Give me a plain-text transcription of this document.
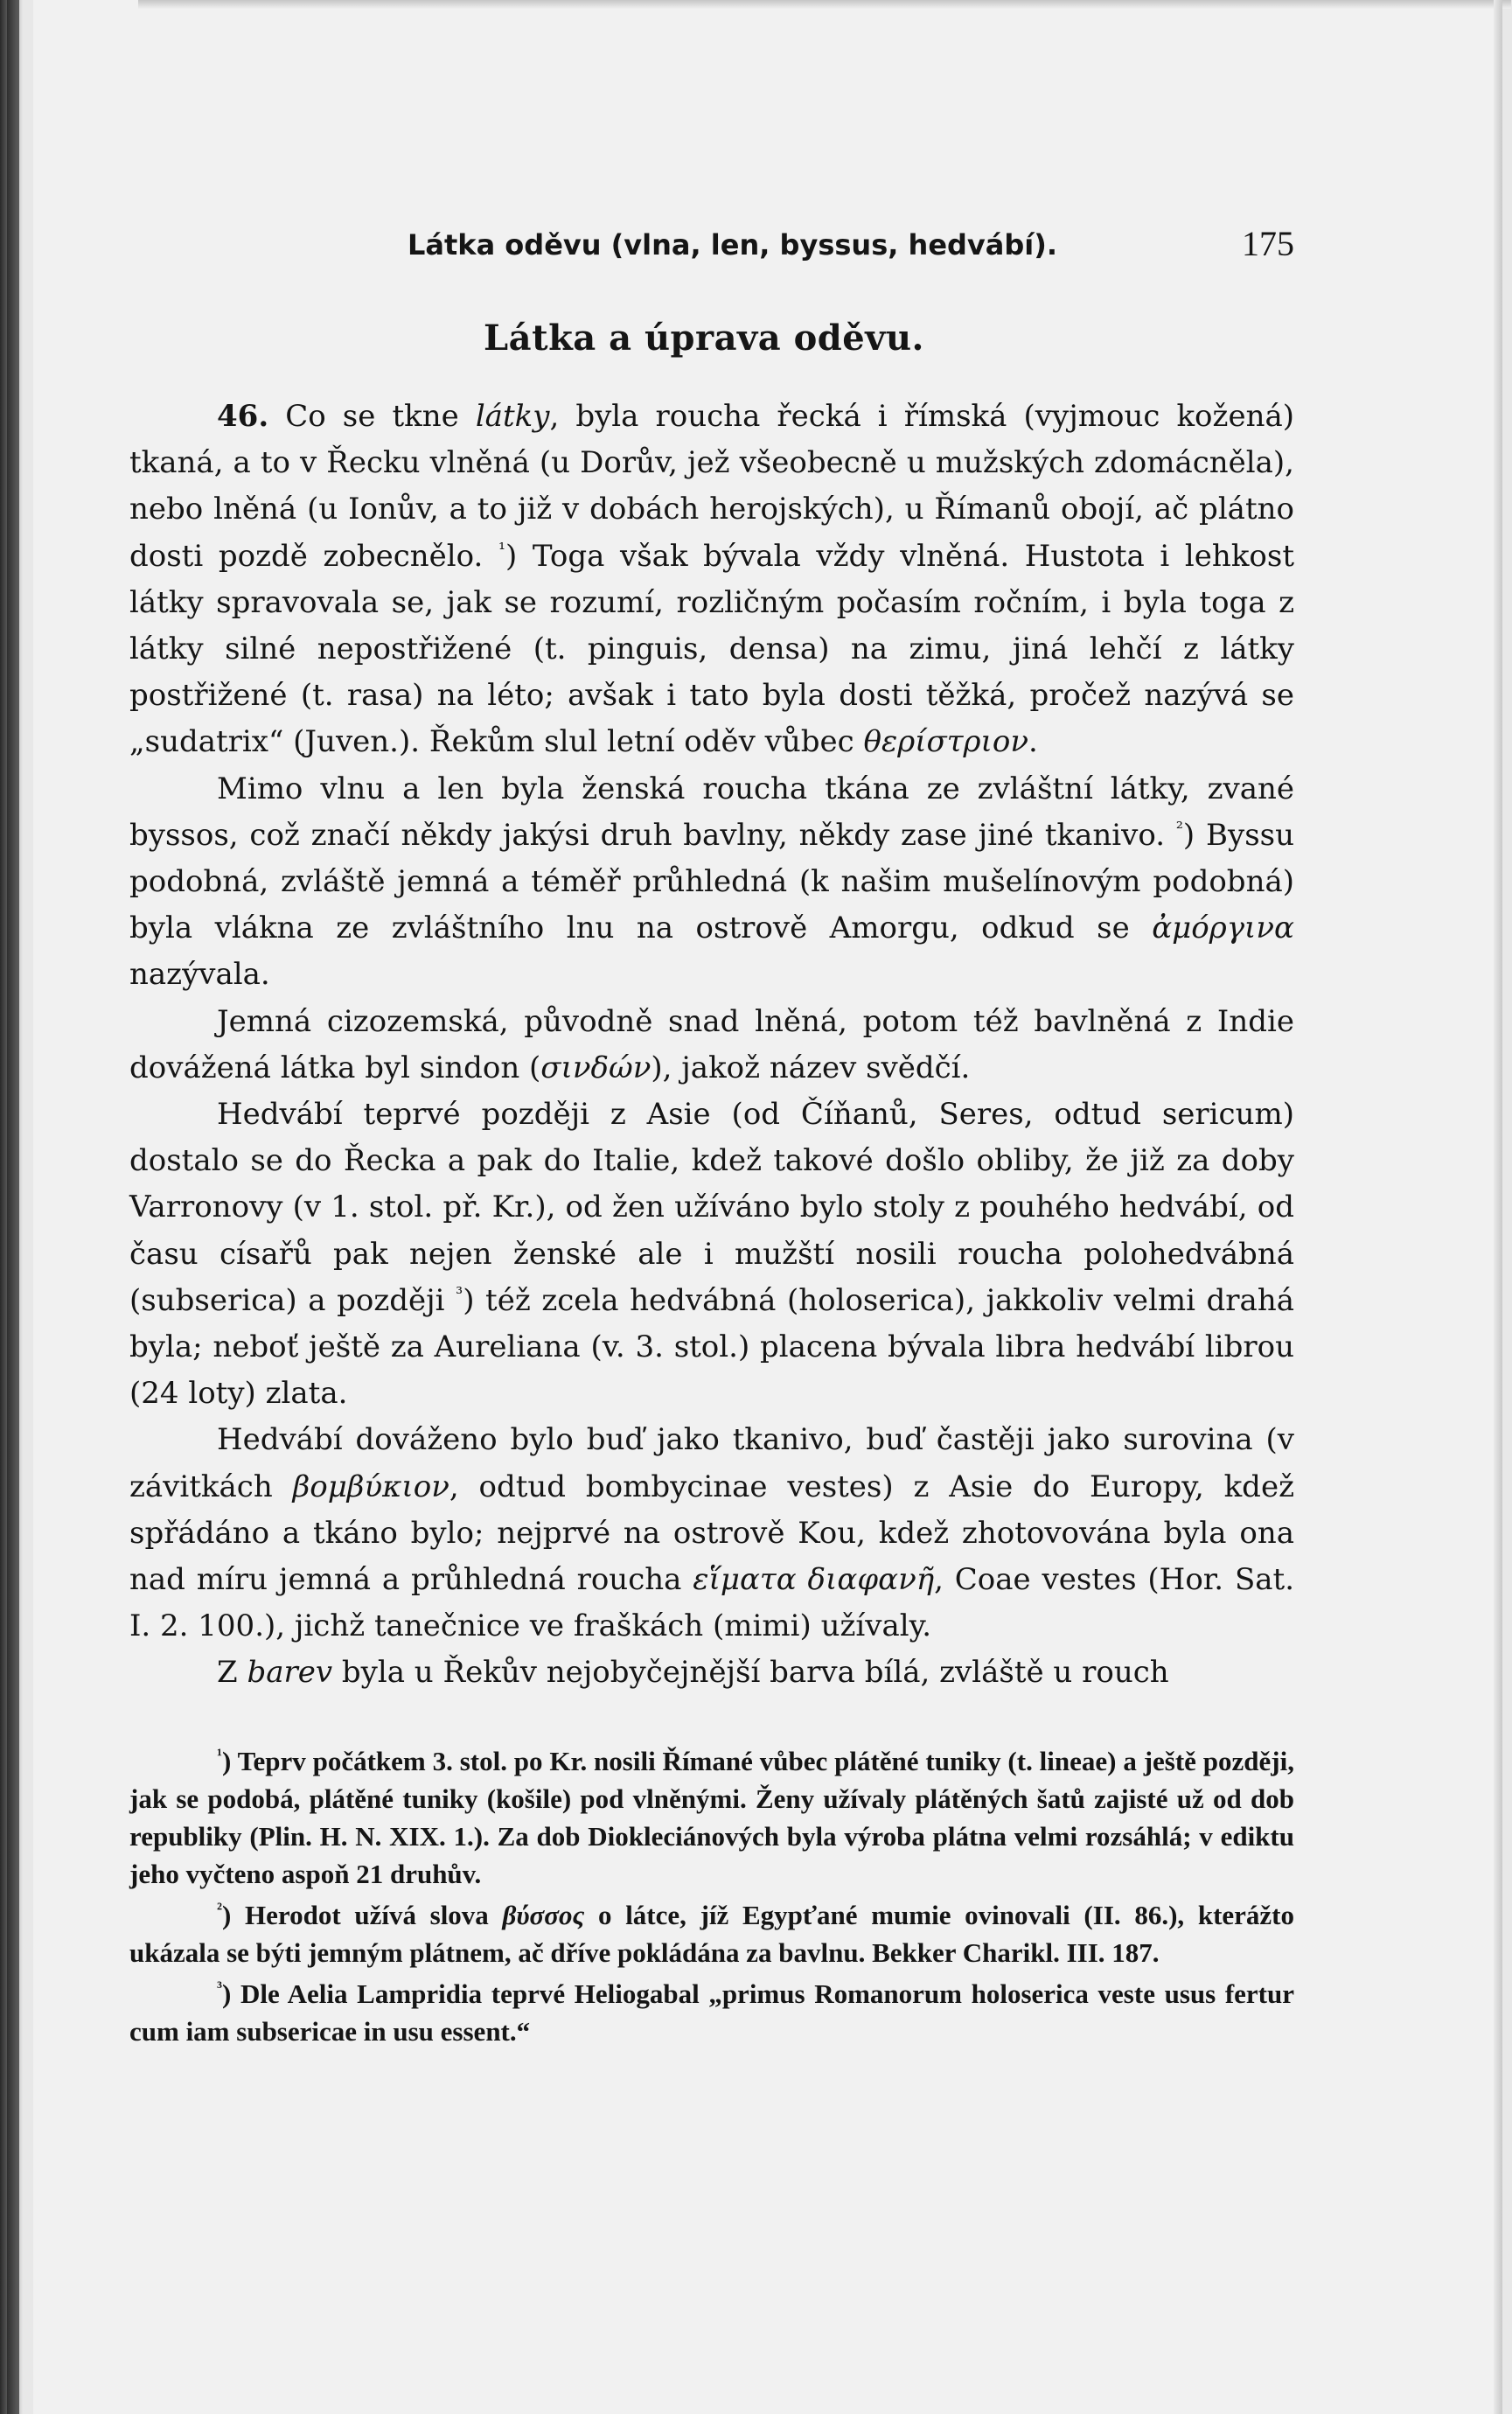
Látka oděvu (vlna, len, byssus, hedvábí).	175
Látka a úprava oděvu.

46. Co se tkne látky, byla roucha řecká i římská (vyjmouc kožená) tkaná, a to v Řecku vlněná (u Dorův, jež všeobecně u mužských zdomácněla), nebo lněná (u Ionův, a to již v dobách herojských), u Římanů obojí, ač plátno dosti pozdě zobecnělo. $^{^1}$) Toga však bývala vždy vlněná. Hustota i lehkost látky spravovala se, jak se rozumí, rozličným počasím ročním, i byla toga z látky silné nepostřižené (t. pinguis, densa) na zimu, jiná lehčí z látky postřižené (t. rasa) na léto; avšak i tato byla dosti těžká, pročež nazývá se „sudatrix“ (Juven.). Řekům slul letní oděv vůbec θερίστριον.

Mimo vlnu a len byla ženská roucha tkána ze zvláštní látky, zvané byssos, což značí někdy jakýsi druh bavlny, někdy zase jiné tkanivo. $^{^2}$) Byssu podobná, zvláště jemná a téměř průhledná (k našim mušelínovým podobná) byla vlákna ze zvláštního lnu na ostrově Amorgu, odkud se ἀμόργινα nazývala.

Jemná cizozemská, původně snad lněná, potom též bavlněná z Indie dovážená látka byl sindon (σινδών), jakož název svědčí.

Hedvábí teprvé později z Asie (od Číňanů, Seres, odtud sericum) dostalo se do Řecka a pak do Italie, kdež takové došlo obliby, že již za doby Varronovy (v 1. stol. př. Kr.), od žen užíváno bylo stoly z pouhého hedvábí, od času císařů pak nejen ženské ale i mužští nosili roucha polohedvábná (subserica) a později $^{^3}$) též zcela hedvábná (holoserica), jakkoliv velmi drahá byla; neboť ještě za Aureliana (v. 3. stol.) placena bývala libra hedvábí librou (24 loty) zlata.

Hedvábí dováženo bylo buď jako tkanivo, buď častěji jako surovina (v závitkách βομβύκιον, odtud bombycinae vestes) z Asie do Europy, kdež spřádáno a tkáno bylo; nejprvé na ostrově Kou, kdež zhotovována byla ona nad míru jemná a průhledná roucha εἵματα διαφανῆ, Coae vestes (Hor. Sat. I. 2. 100.), jichž tanečnice ve fraškách (mimi) užívaly.

Z barev byla u Řekův nejobyčejnější barva bílá, zvláště u rouch

$^{^1}$) Teprv počátkem 3. stol. po Kr. nosili Římané vůbec plátěné tuniky (t. lineae) a ještě později, jak se podobá, plátěné tuniky (košile) pod vlněnými. Ženy užívaly plátěných šatů zajisté už od dob republiky (Plin. H. N. XIX. 1.). Za dob Diokleciánových byla výroba plátna velmi rozsáhlá; v ediktu jeho vyčteno aspoň 21 druhův.

$^{^2}$) Herodot užívá slova βύσσος o látce, jíž Egypťané mumie ovinovali (II. 86.), kterážto ukázala se býti jemným plátnem, ač dříve pokládána za bavlnu. Bekker Charikl. III. 187.

$^{^3}$) Dle Aelia Lampridia teprvé Heliogabal „primus Romanorum holoserica veste usus fertur cum iam subsericae in usu essent.“
